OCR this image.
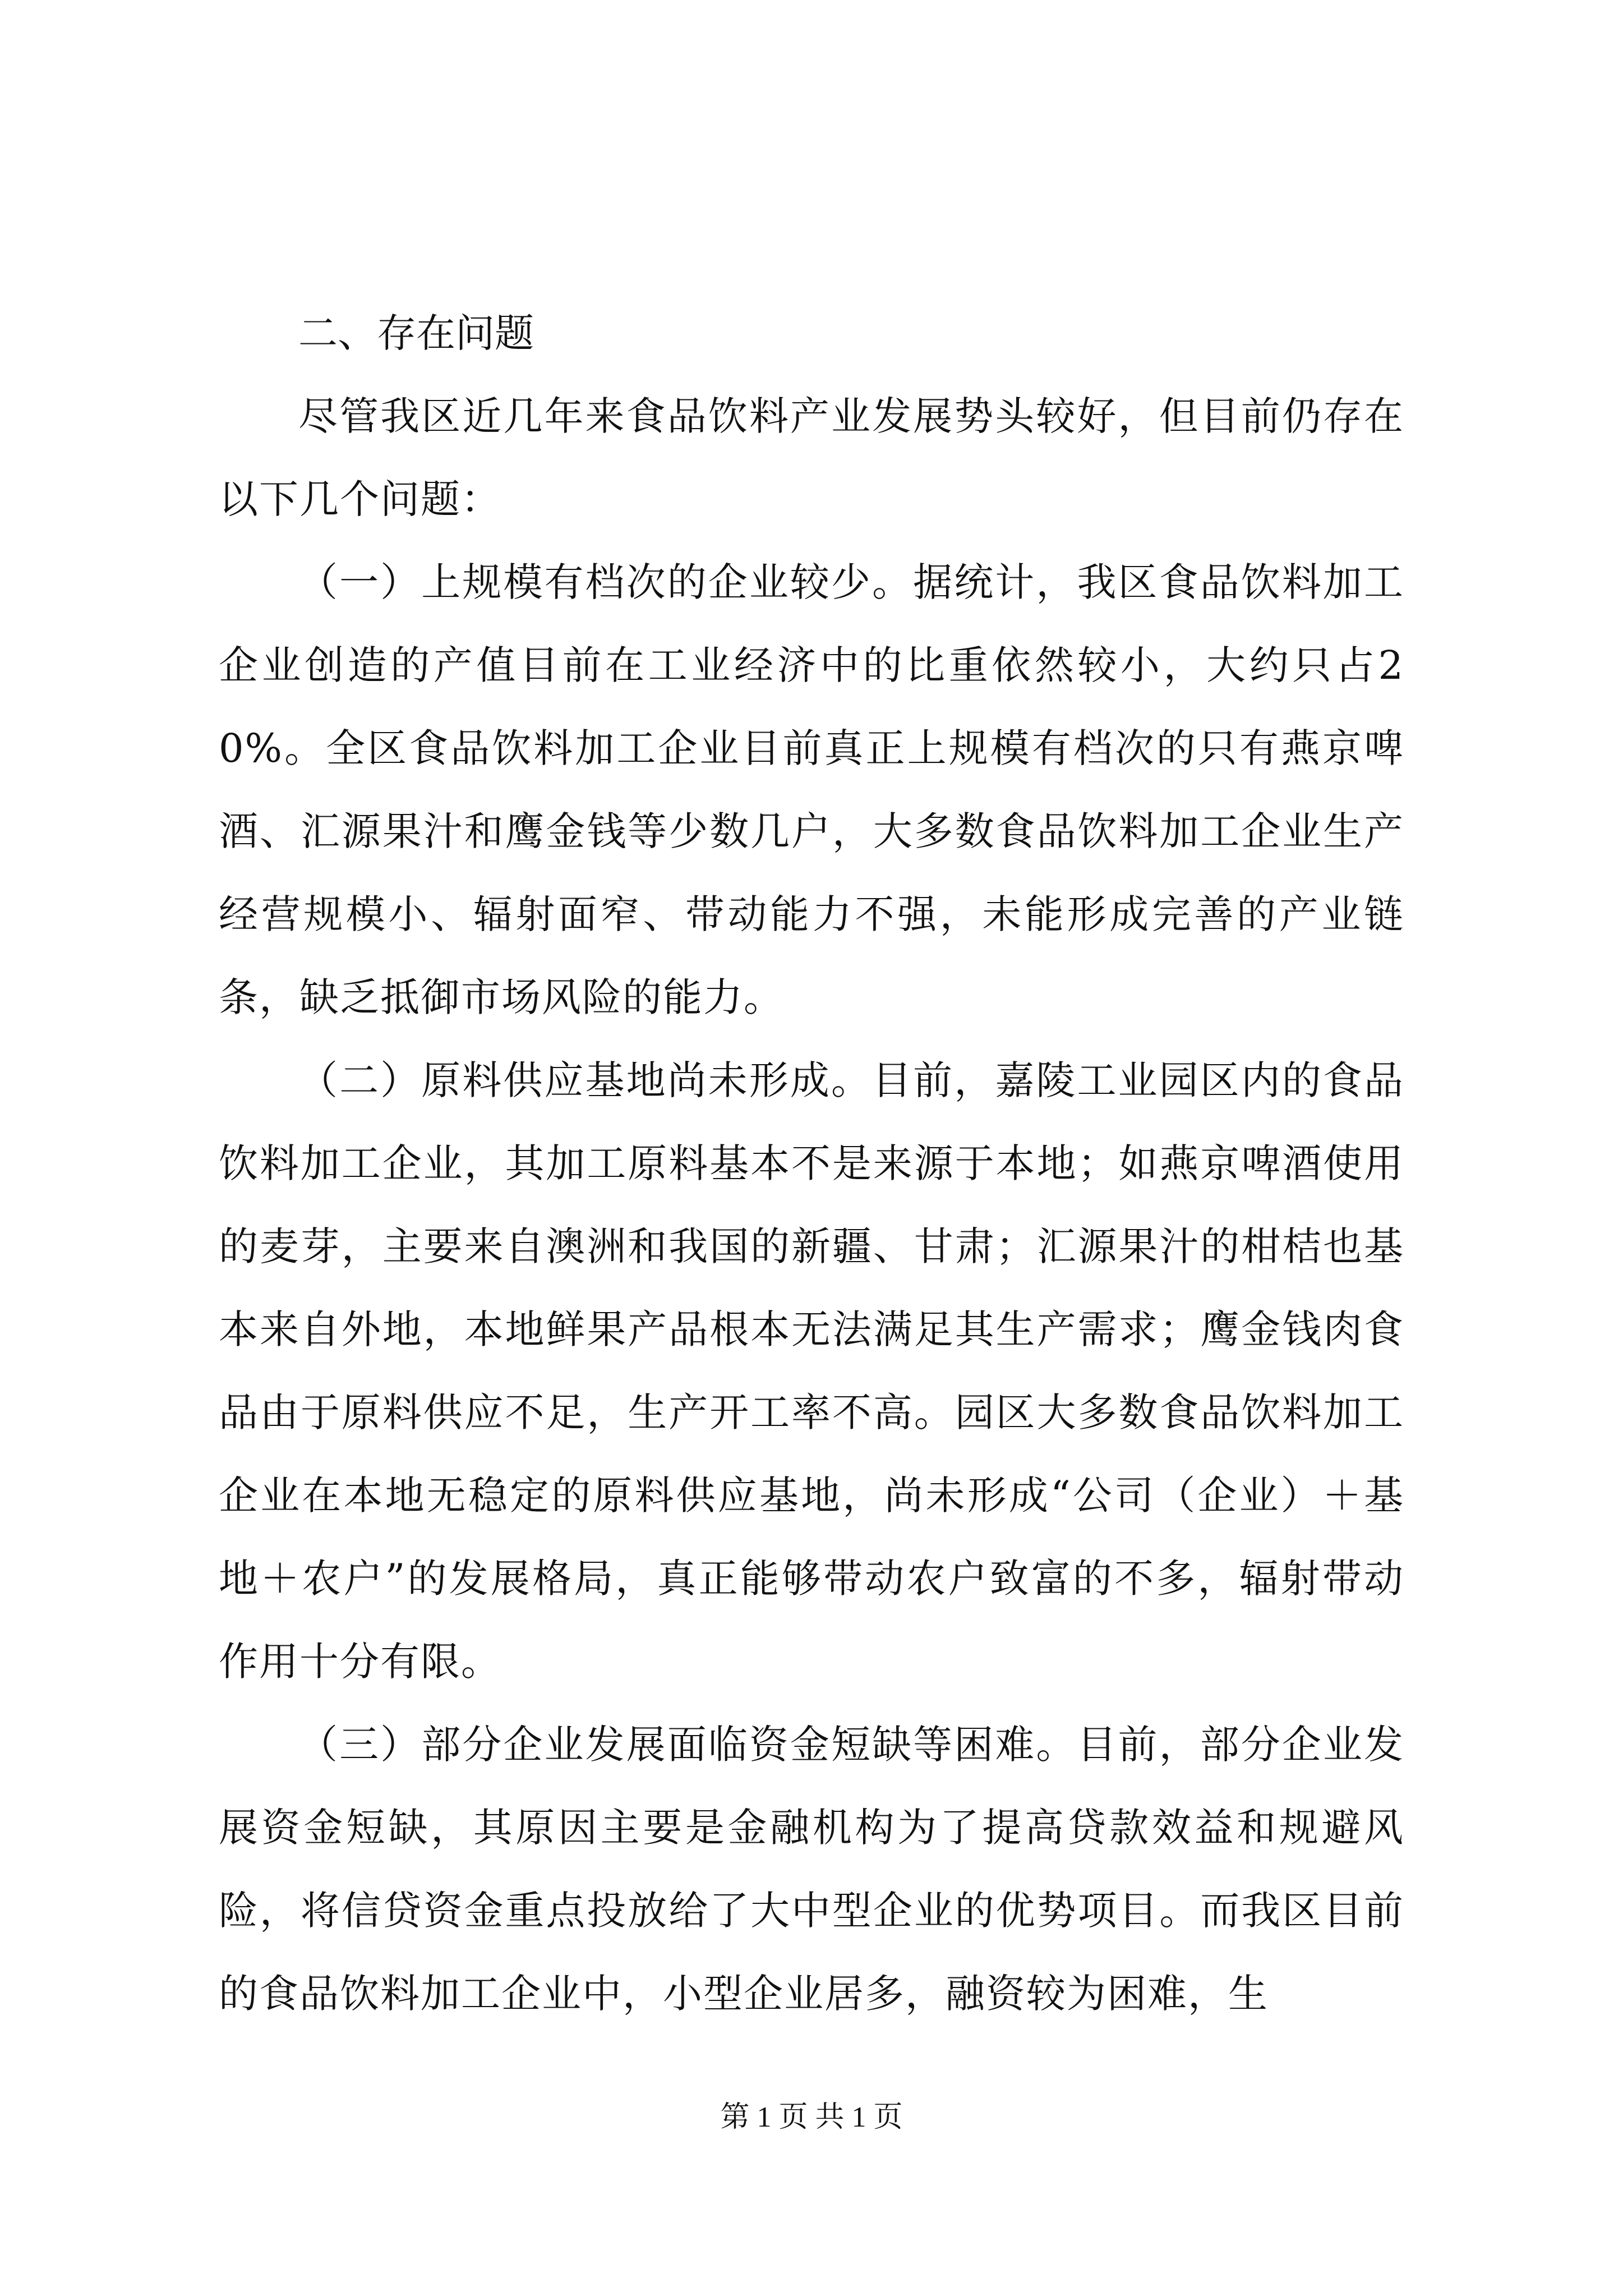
二、存在问题

尽管我区近几年来食品饮料产业发展势头较好，但目前仍存在以下几个问题：

（一）上规模有档次的企业较少。据统计，我区食品饮料加工企业创造的产值目前在工业经济中的比重依然较小，大约只占20%。全区食品饮料加工企业目前真正上规模有档次的只有燕京啤酒、汇源果汁和鹰金钱等少数几户，大多数食品饮料加工企业生产经营规模小、辐射面窄、带动能力不强，未能形成完善的产业链条，缺乏抵御市场风险的能力。

（二）原料供应基地尚未形成。目前，嘉陵工业园区内的食品饮料加工企业，其加工原料基本不是来源于本地；如燕京啤酒使用的麦芽，主要来自澳洲和我国的新疆、甘肃；汇源果汁的柑桔也基本来自外地，本地鲜果产品根本无法满足其生产需求；鹰金钱肉食品由于原料供应不足，生产开工率不高。园区大多数食品饮料加工企业在本地无稳定的原料供应基地，尚未形成“公司（企业）＋基地＋农户”的发展格局，真正能够带动农户致富的不多，辐射带动作用十分有限。

（三）部分企业发展面临资金短缺等困难。目前，部分企业发展资金短缺，其原因主要是金融机构为了提高贷款效益和规避风险，将信贷资金重点投放给了大中型企业的优势项目。而我区目前的食品饮料加工企业中，小型企业居多，融资较为困难，生

第 1 页 共 1 页
